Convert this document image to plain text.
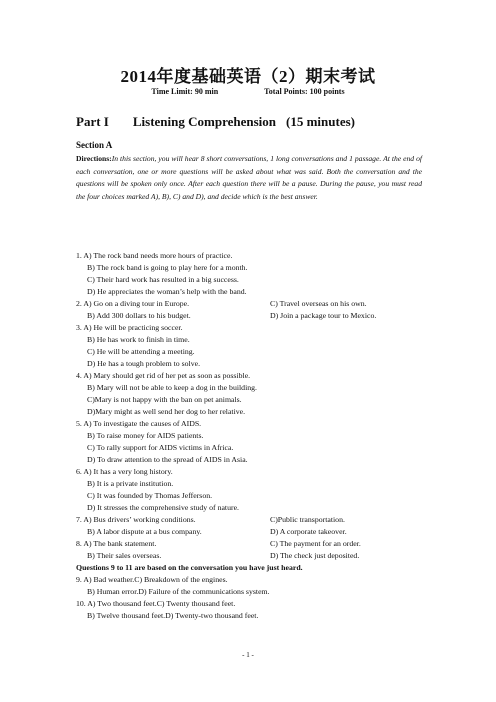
2014年度基础英语（2）期末考试
Time Limit: 90 min	Total Points: 100 points
Part I Listening Comprehension (15 minutes)
Section A
Directions:In this section, you will hear 8 short conversations, 1 long conversations and 1 passage. At the end of each conversation, one or more questions will be asked about what was said. Both the conversation and the questions will be spoken only once. After each question there will be a pause. During the pause, you must read the four choices marked A), B), C) and D), and decide which is the best answer.
1. A) The rock band needs more hours of practice.
B) The rock band is going to play here for a month.
C) Their hard work has resulted in a big success.
D) He appreciates the woman’s help with the band.
2. A) Go on a diving tour in Europe.	C) Travel overseas on his own.
B) Add 300 dollars to his budget.	D) Join a package tour to Mexico.
3. A) He will be practicing soccer.
B) He has work to finish in time.
C) He will be attending a meeting.
D) He has a tough problem to solve.
4. A) Mary should get rid of her pet as soon as possible.
B) Mary will not be able to keep a dog in the building.
C)Mary is not happy with the ban on pet animals.
D)Mary might as well send her dog to her relative.
5. A) To investigate the causes of AIDS.
B) To raise money for AIDS patients.
C) To rally support for AIDS victims in Africa.
D) To draw attention to the spread of AIDS in Asia.
6. A) It has a very long history.
B) It is a private institution.
C) It was founded by Thomas Jefferson.
D) It stresses the comprehensive study of nature.
7. A) Bus drivers’ working conditions.	C)Public transportation.
B) A labor dispute at a bus company.	D) A corporate takeover.
8. A) The bank statement.	C) The payment for an order.
B) Their sales overseas.	D) The check just deposited.
Questions 9 to 11 are based on the conversation you have just heard.
9. A) Bad weather.C) Breakdown of the engines.
B) Human error.D) Failure of the communications system.
10. A) Two thousand feet.C) Twenty thousand feet.
B) Twelve thousand feet.D) Twenty-two thousand feet.
- 1 -
